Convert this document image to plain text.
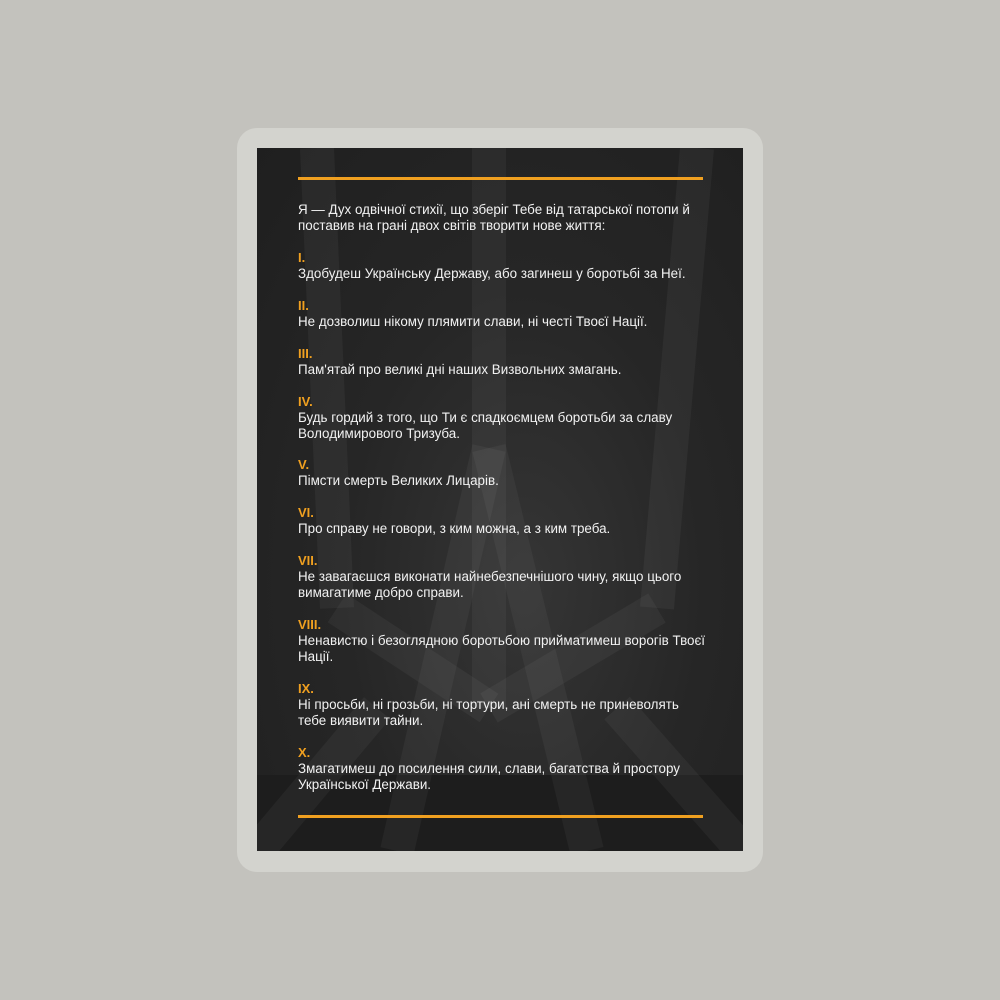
Я — Дух одвічної стихії, що зберіг Тебе від татарської потопи й поставив на грані двох світів творити нове життя:

I.
Здобудеш Українську Державу, або загинеш у боротьбі за Неї.
II.
Не дозволиш нікому плямити слави, ні честі Твоєї Нації.
III.
Пам'ятай про великі дні наших Визвольних змагань.
IV.
Будь гордий з того, що Ти є спадкоємцем боротьби за славу Володимирового Тризуба.
V.
Пімсти смерть Великих Лицарів.
VI.
Про справу не говори, з ким можна, а з ким треба.
VII.
Не завагаєшся виконати найнебезпечнішого чину, якщо цього вимагатиме добро справи.
VIII.
Ненавистю і безоглядною боротьбою прийматимеш ворогів Твоєї Нації.
IX.
Ні просьби, ні грозьби, ні тортури, ані смерть не приневолять тебе виявити тайни.
X.
Змагатимеш до посилення сили, слави, багатства й простору Української Держави.
